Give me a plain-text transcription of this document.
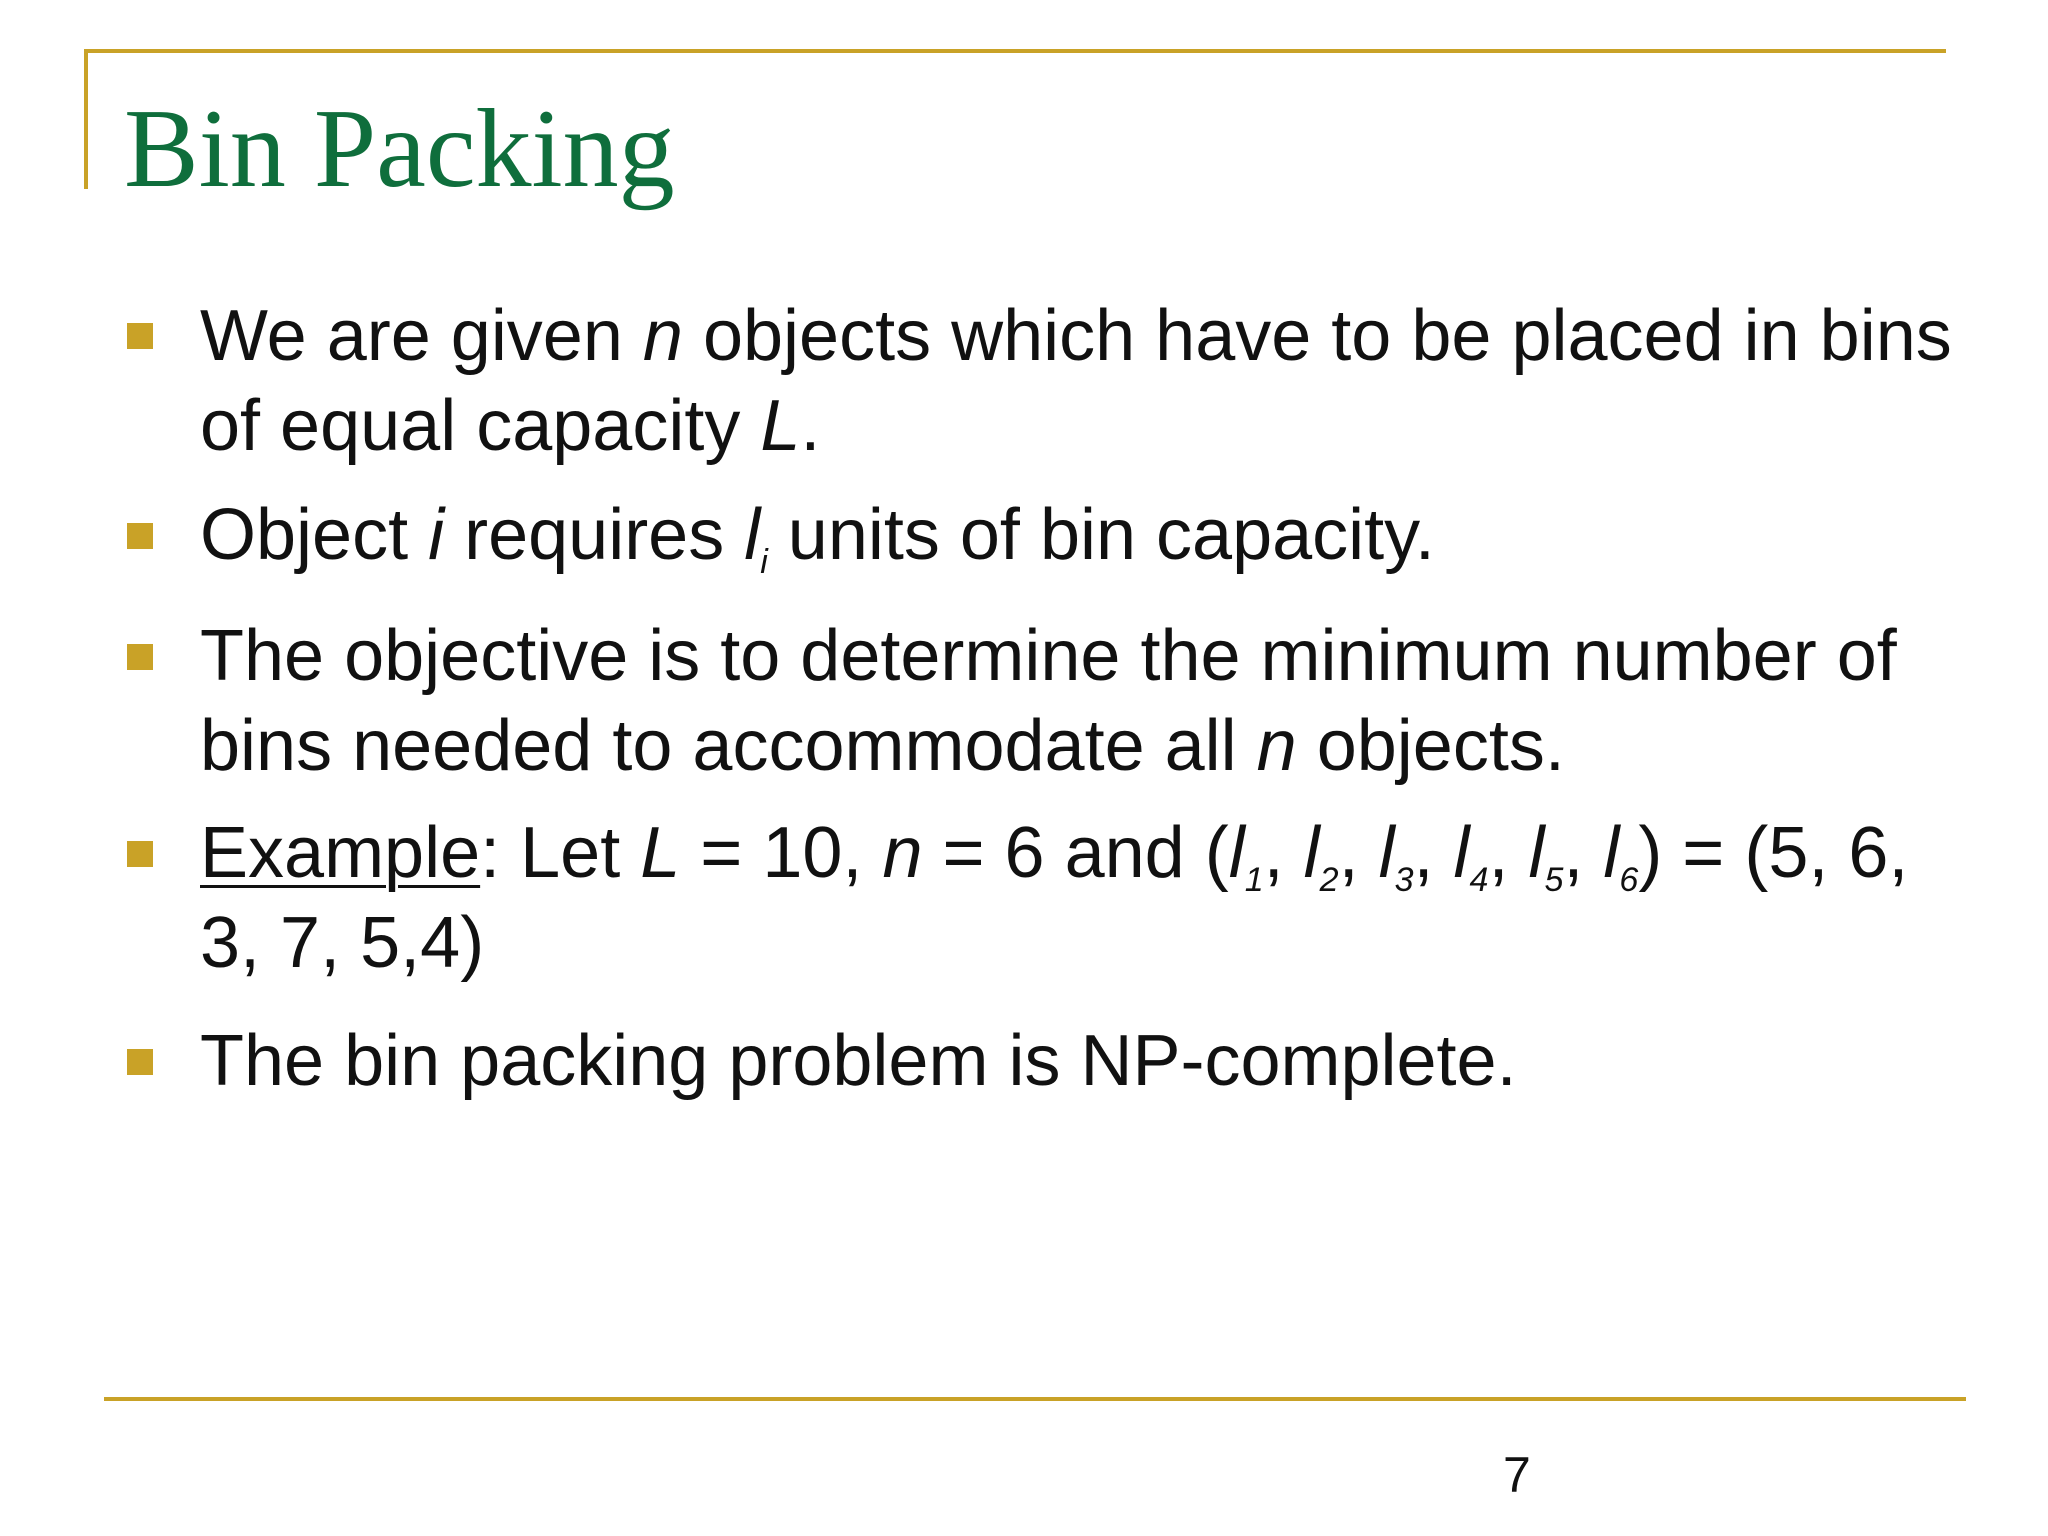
Bin Packing
We are given n objects which have to be placed in bins of equal capacity L.
Object i requires $l_i$ units of bin capacity.
The objective is to determine the minimum number of bins needed to accommodate all n objects.
Example: Let L = 10, n = 6 and ($l_1$, $l_2$, $l_3$, $l_4$, $l_5$, $l_6) = (5$, 6, 3, 7, 5,4)
The bin packing problem is NP-complete.
7
